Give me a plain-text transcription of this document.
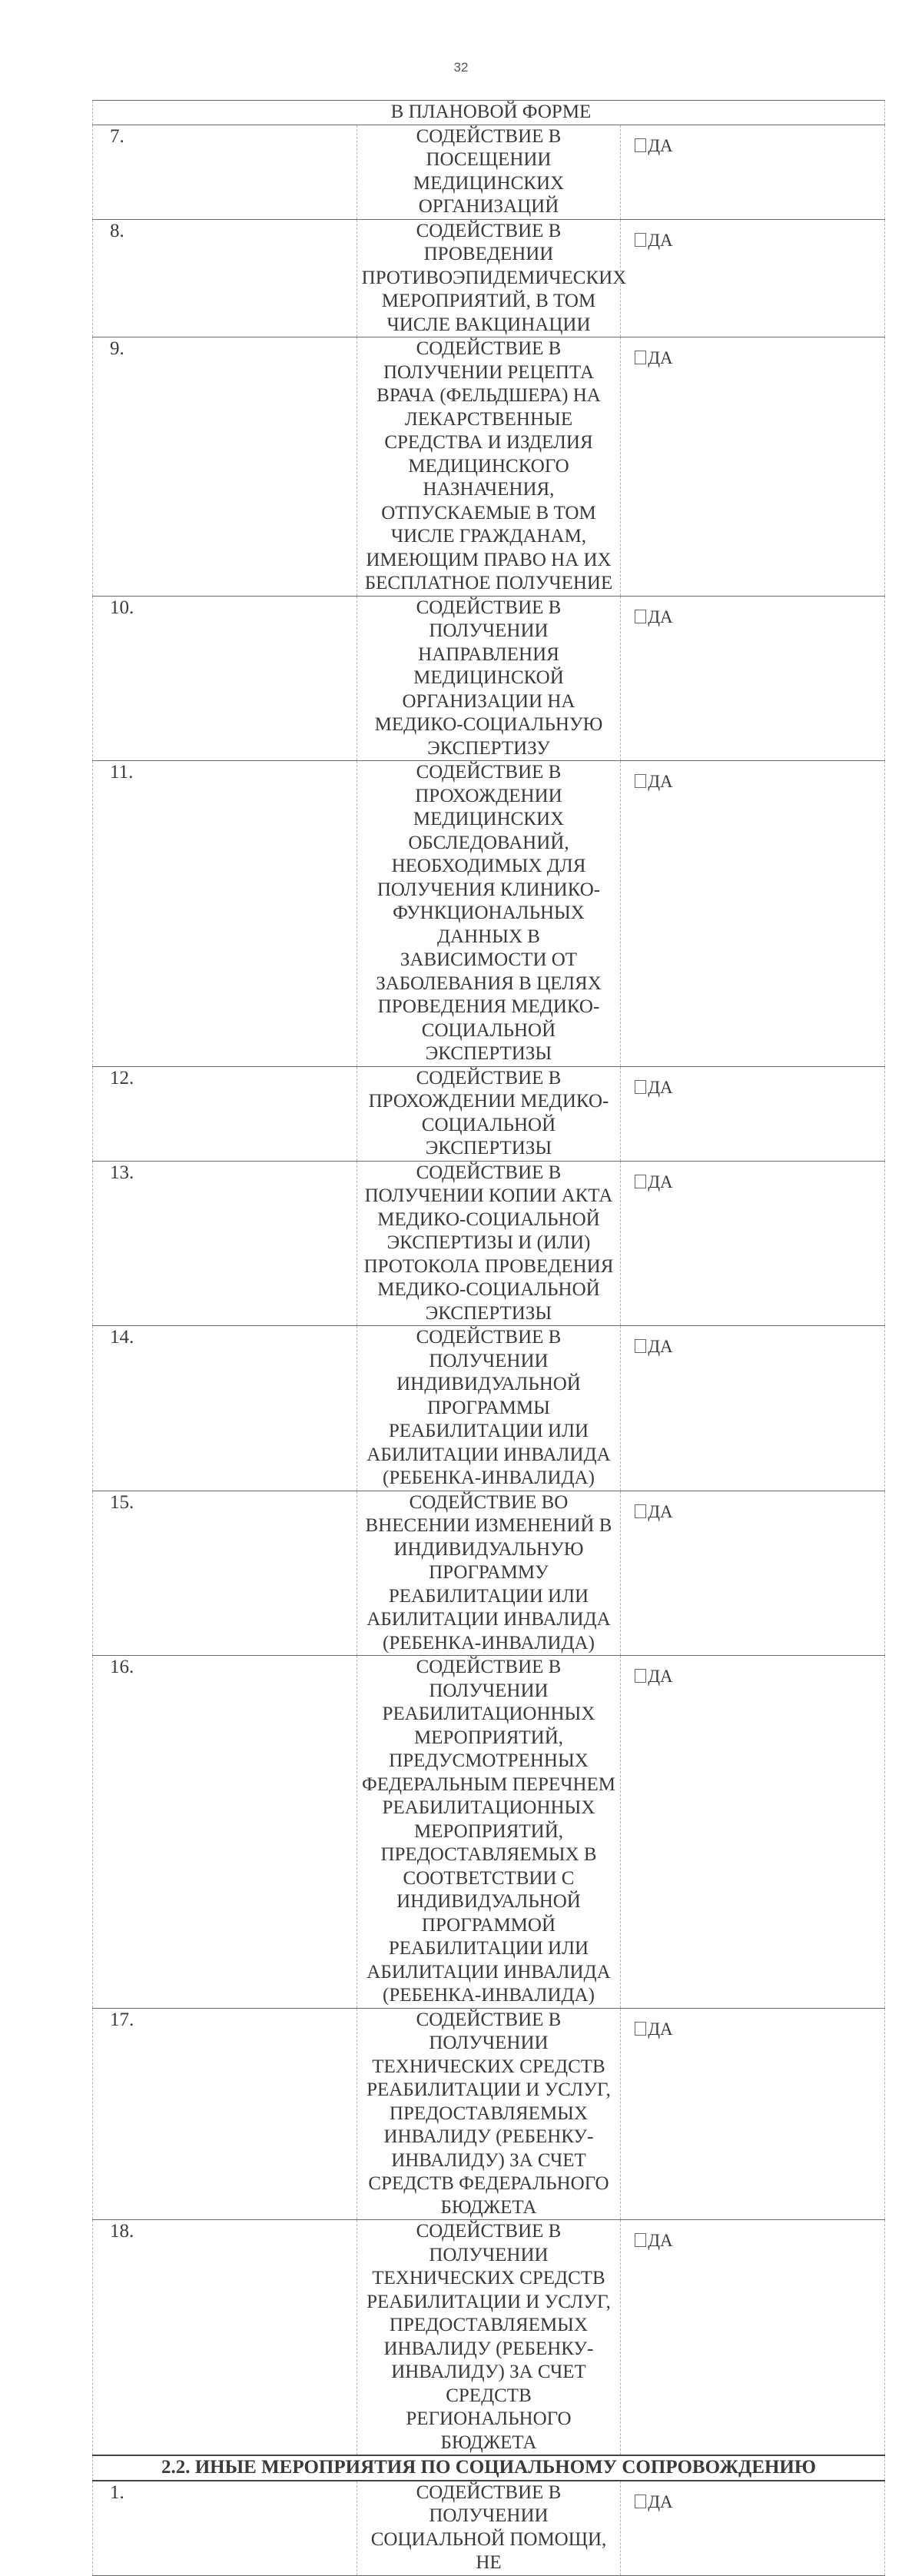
32
В ПЛАНОВОЙ ФОРМЕ		
7.	СОДЕЙСТВИЕ В ПОСЕЩЕНИИ МЕДИЦИНСКИХ ОРГАНИЗАЦИЙ	ДА
8.	СОДЕЙСТВИЕ В ПРОВЕДЕНИИ ПРОТИВОЭПИДЕМИЧЕСКИХ МЕРОПРИЯТИЙ, В ТОМ ЧИСЛЕ ВАКЦИНАЦИИ	ДА
9.	СОДЕЙСТВИЕ В ПОЛУЧЕНИИ РЕЦЕПТА ВРАЧА (ФЕЛЬДШЕРА) НА ЛЕКАРСТВЕННЫЕ СРЕДСТВА И ИЗДЕЛИЯ МЕДИЦИНСКОГО НАЗНАЧЕНИЯ, ОТПУСКАЕМЫЕ В ТОМ ЧИСЛЕ ГРАЖДАНАМ, ИМЕЮЩИМ ПРАВО НА ИХ БЕСПЛАТНОЕ ПОЛУЧЕНИЕ	ДА
10.	СОДЕЙСТВИЕ В ПОЛУЧЕНИИ НАПРАВЛЕНИЯ МЕДИЦИНСКОЙ ОРГАНИЗАЦИИ НА МЕДИКО-СОЦИАЛЬНУЮ ЭКСПЕРТИЗУ	ДА
11.	СОДЕЙСТВИЕ В ПРОХОЖДЕНИИ МЕДИЦИНСКИХ ОБСЛЕДОВАНИЙ, НЕОБХОДИМЫХ ДЛЯ ПОЛУЧЕНИЯ КЛИНИКО-ФУНКЦИОНАЛЬНЫХ ДАННЫХ В ЗАВИСИМОСТИ ОТ ЗАБОЛЕВАНИЯ В ЦЕЛЯХ ПРОВЕДЕНИЯ МЕДИКО-СОЦИАЛЬНОЙ ЭКСПЕРТИЗЫ	ДА
12.	СОДЕЙСТВИЕ В ПРОХОЖДЕНИИ МЕДИКО-СОЦИАЛЬНОЙ ЭКСПЕРТИЗЫ	ДА
13.	СОДЕЙСТВИЕ В ПОЛУЧЕНИИ КОПИИ АКТА МЕДИКО-СОЦИАЛЬНОЙ ЭКСПЕРТИЗЫ И (ИЛИ) ПРОТОКОЛА ПРОВЕДЕНИЯ МЕДИКО-СОЦИАЛЬНОЙ ЭКСПЕРТИЗЫ	ДА
14.	СОДЕЙСТВИЕ В ПОЛУЧЕНИИ ИНДИВИДУАЛЬНОЙ ПРОГРАММЫ РЕАБИЛИТАЦИИ ИЛИ АБИЛИТАЦИИ ИНВАЛИДА (РЕБЕНКА-ИНВАЛИДА)	ДА
15.	СОДЕЙСТВИЕ ВО ВНЕСЕНИИ ИЗМЕНЕНИЙ В ИНДИВИДУАЛЬНУЮ ПРОГРАММУ РЕАБИЛИТАЦИИ ИЛИ АБИЛИТАЦИИ ИНВАЛИДА (РЕБЕНКА-ИНВАЛИДА)	ДА
16.	СОДЕЙСТВИЕ В ПОЛУЧЕНИИ РЕАБИЛИТАЦИОННЫХ МЕРОПРИЯТИЙ, ПРЕДУСМОТРЕННЫХ ФЕДЕРАЛЬНЫМ ПЕРЕЧНЕМ РЕАБИЛИТАЦИОННЫХ МЕРОПРИЯТИЙ, ПРЕДОСТАВЛЯЕМЫХ В СООТВЕТСТВИИ С ИНДИВИДУАЛЬНОЙ ПРОГРАММОЙ РЕАБИЛИТАЦИИ ИЛИ АБИЛИТАЦИИ ИНВАЛИДА (РЕБЕНКА-ИНВАЛИДА)	ДА
17.	СОДЕЙСТВИЕ В ПОЛУЧЕНИИ ТЕХНИЧЕСКИХ СРЕДСТВ РЕАБИЛИТАЦИИ И УСЛУГ, ПРЕДОСТАВЛЯЕМЫХ ИНВАЛИДУ (РЕБЕНКУ-ИНВАЛИДУ) ЗА СЧЕТ СРЕДСТВ ФЕДЕРАЛЬНОГО БЮДЖЕТА	ДА
18.	СОДЕЙСТВИЕ В ПОЛУЧЕНИИ ТЕХНИЧЕСКИХ СРЕДСТВ РЕАБИЛИТАЦИИ И УСЛУГ, ПРЕДОСТАВЛЯЕМЫХ ИНВАЛИДУ (РЕБЕНКУ-ИНВАЛИДУ) ЗА СЧЕТ СРЕДСТВ РЕГИОНАЛЬНОГО БЮДЖЕТА	ДА
2.2. ИНЫЕ МЕРОПРИЯТИЯ ПО СОЦИАЛЬНОМУ СОПРОВОЖДЕНИЮ		
1.	СОДЕЙСТВИЕ В ПОЛУЧЕНИИ СОЦИАЛЬНОЙ ПОМОЩИ, НЕ	ДА
